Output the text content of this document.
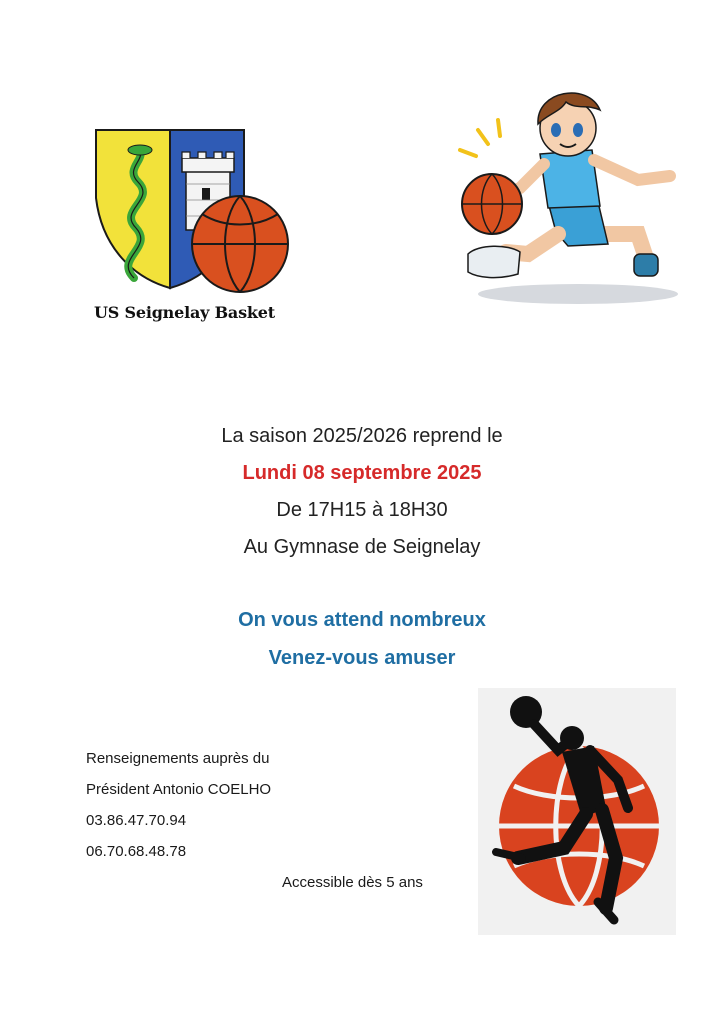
US Seignelay Basket
La saison 2025/2026 reprend le
Lundi 08 septembre 2025
De 17H15 à 18H30
Au Gymnase de Seignelay
On vous attend nombreux
Venez-vous amuser
Renseignements auprès du
Président Antonio COELHO
03.86.47.70.94
06.70.68.48.78
Accessible dès 5 ans
